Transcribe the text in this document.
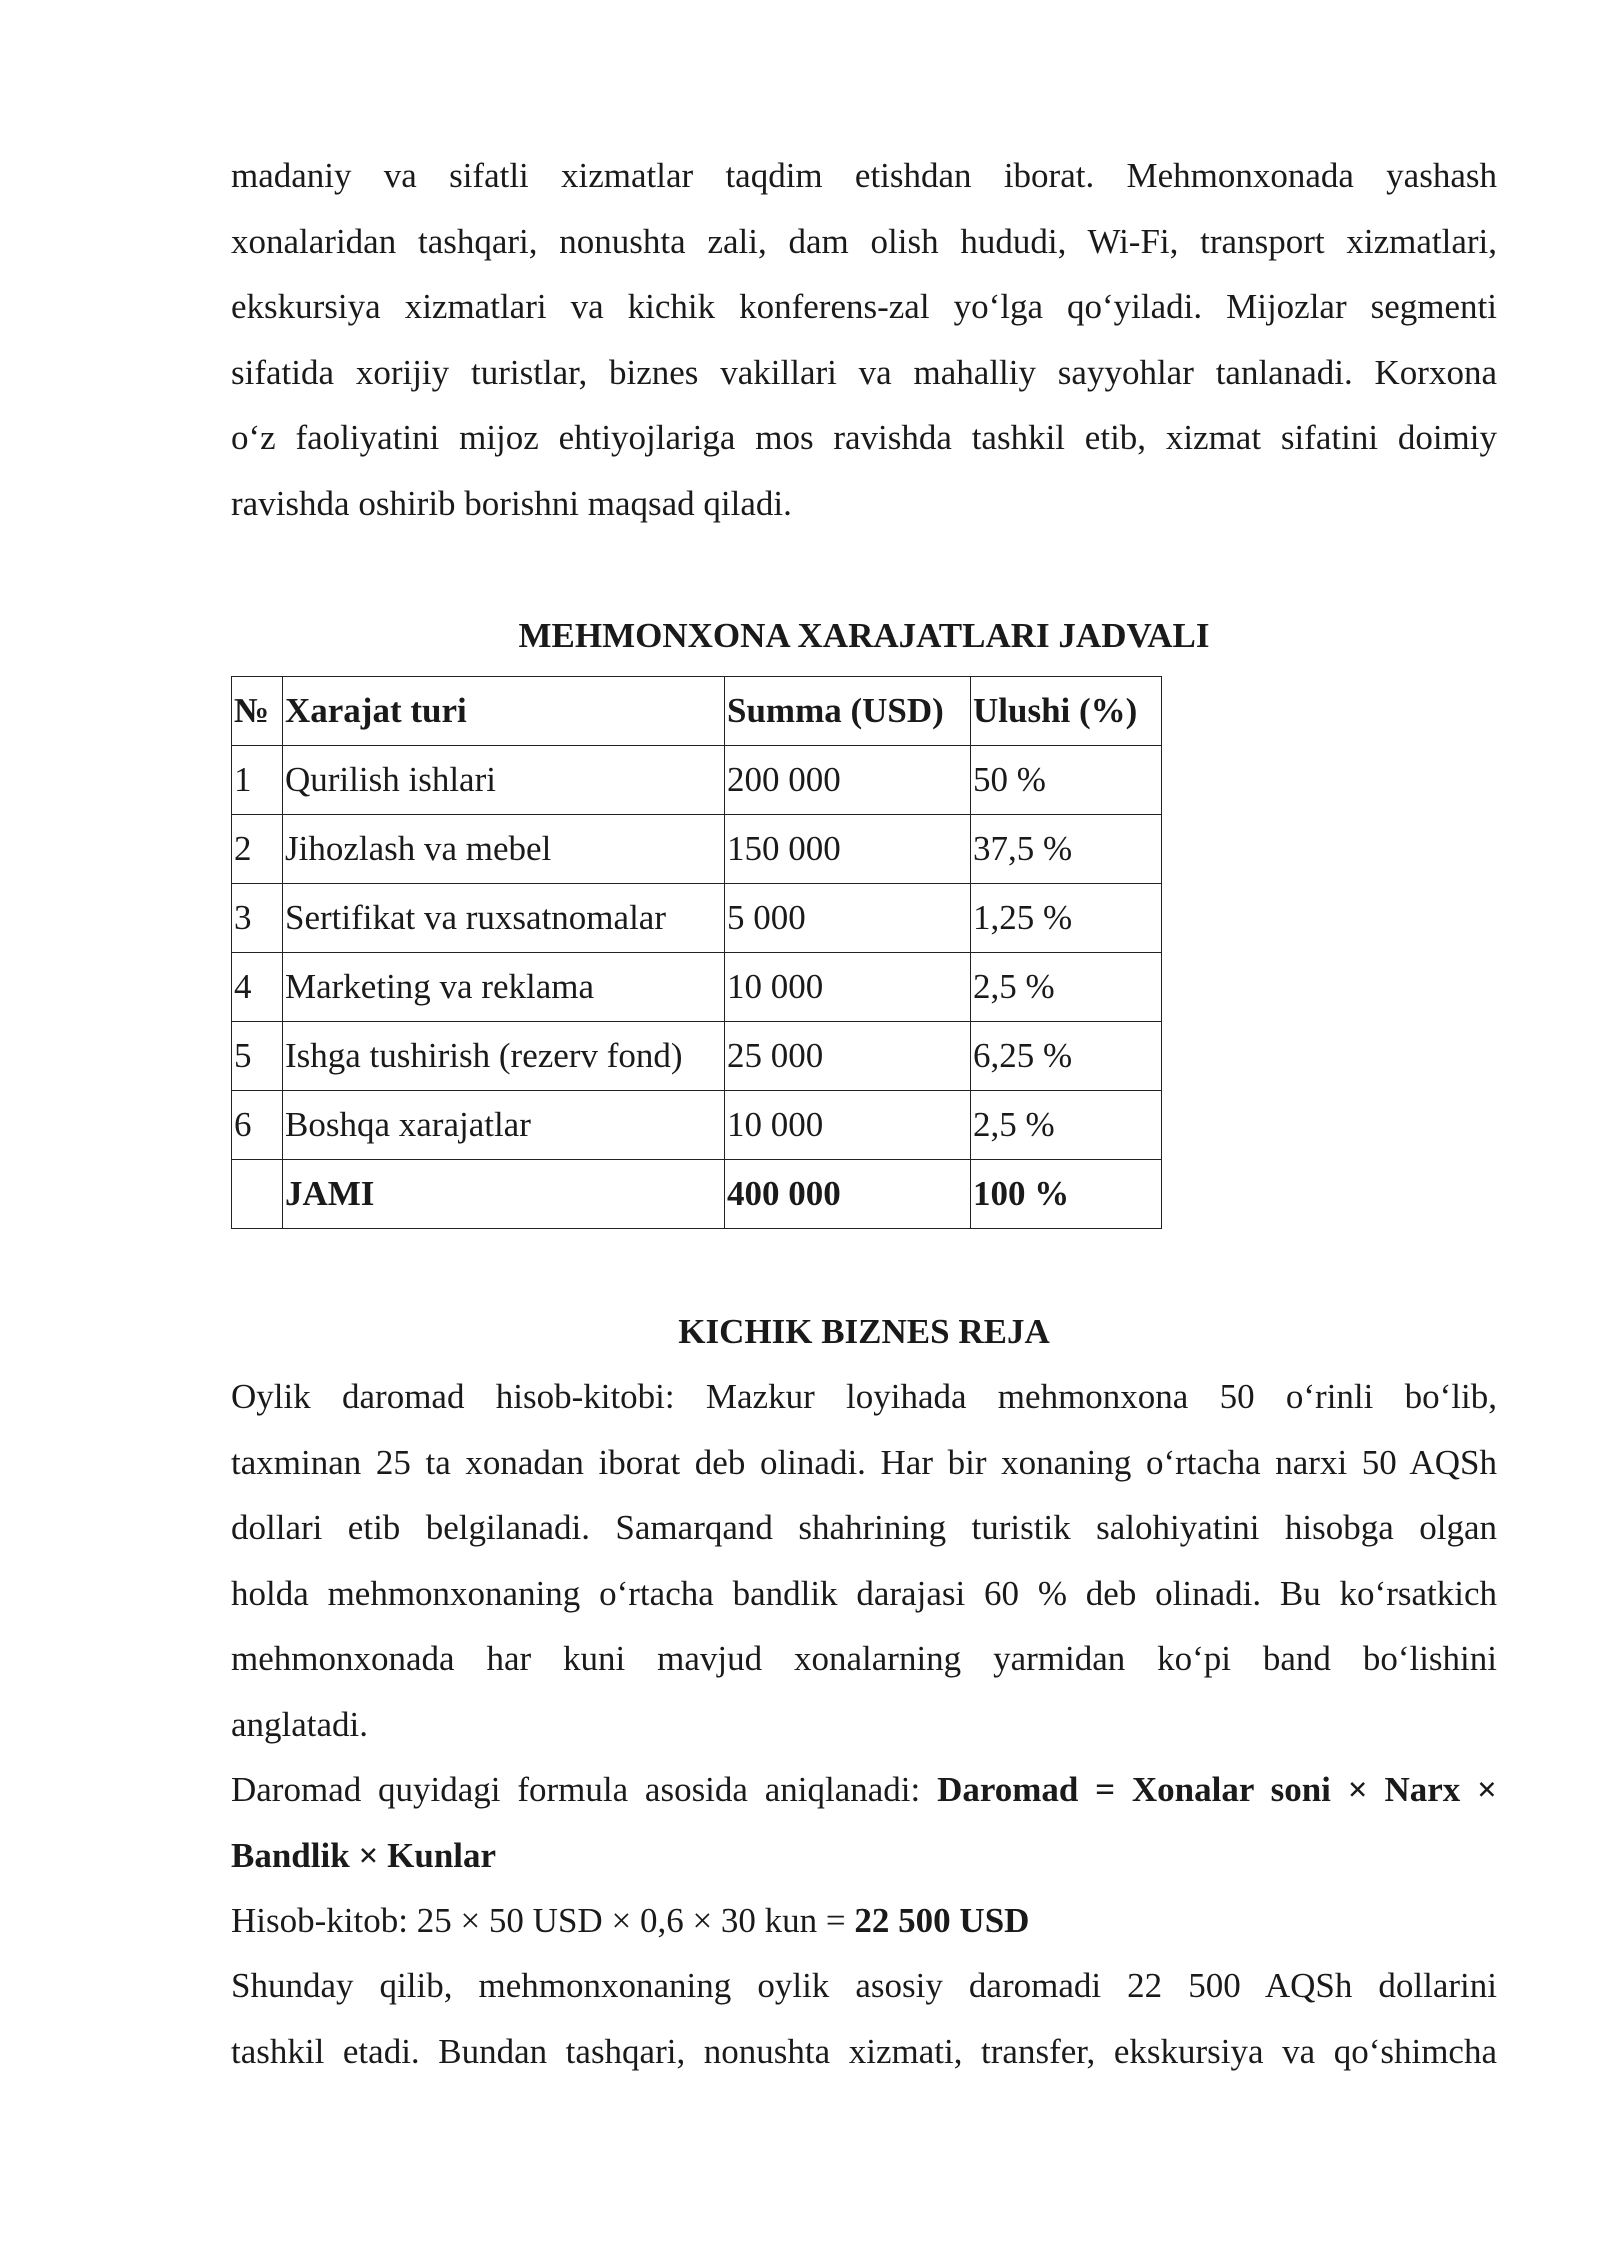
madaniy va sifatli xizmatlar taqdim etishdan iborat. Mehmonxonada yashash
xonalaridan tashqari, nonushta zali, dam olish hududi, Wi-Fi, transport xizmatlari,
ekskursiya xizmatlari va kichik konferens-zal yoʻlga qoʻyiladi. Mijozlar segmenti
sifatida xorijiy turistlar, biznes vakillari va mahalliy sayyohlar tanlanadi. Korxona
oʻz faoliyatini mijoz ehtiyojlariga mos ravishda tashkil etib, xizmat sifatini doimiy
ravishda oshirib borishni maqsad qiladi.
MEHMONXONA XARAJATLARI JADVALI
№	Xarajat turi	Summa (USD)	Ulushi (%)
1	Qurilish ishlari	200 000	50 %
2	Jihozlash va mebel	150 000	37,5 %
3	Sertifikat va ruxsatnomalar	5 000	1,25 %
4	Marketing va reklama	10 000	2,5 %
5	Ishga tushirish (rezerv fond)	25 000	6,25 %
6	Boshqa xarajatlar	10 000	2,5 %
	JAMI	400 000	100 %
KICHIK BIZNES REJA
Oylik daromad hisob-kitobi: Mazkur loyihada mehmonxona 50 oʻrinli boʻlib,
taxminan 25 ta xonadan iborat deb olinadi. Har bir xonaning oʻrtacha narxi 50 AQSh
dollari etib belgilanadi. Samarqand shahrining turistik salohiyatini hisobga olgan
holda mehmonxonaning oʻrtacha bandlik darajasi 60 % deb olinadi. Bu koʻrsatkich
mehmonxonada har kuni mavjud xonalarning yarmidan koʻpi band boʻlishini
anglatadi.
Daromad quyidagi formula asosida aniqlanadi: Daromad = Xonalar soni × Narx ×
Bandlik × Kunlar
Hisob-kitob: 25 × 50 USD × 0,6 × 30 kun = 22 500 USD
Shunday qilib, mehmonxonaning oylik asosiy daromadi 22 500 AQSh dollarini
tashkil etadi. Bundan tashqari, nonushta xizmati, transfer, ekskursiya va qoʻshimcha
